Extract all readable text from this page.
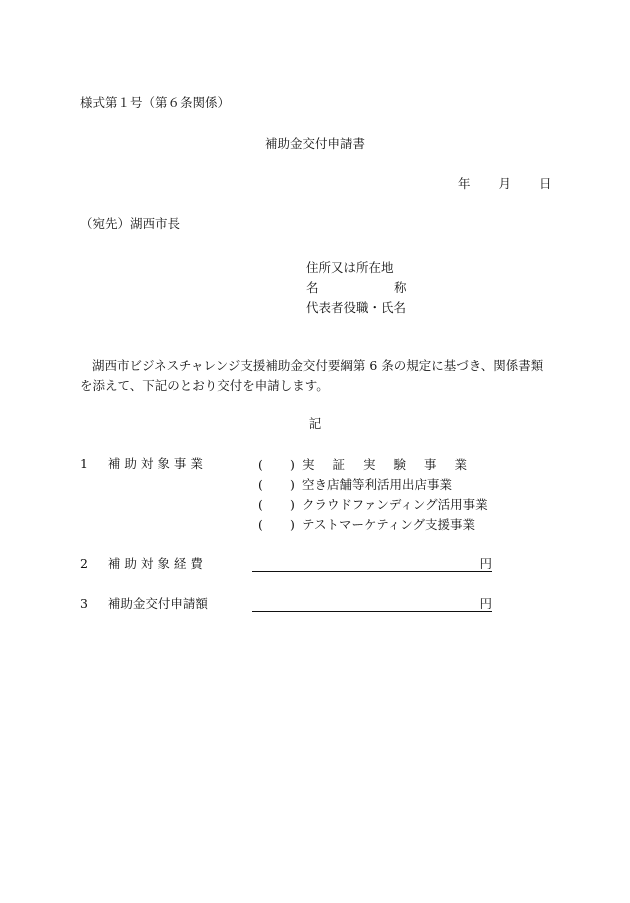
様式第１号（第６条関係）
補助金交付申請書
年 月 日
（宛先）湖西市長
住所又は所在地
名	称
代表者役職・氏名
湖西市ビジネスチャレンジ支援補助金交付要綱第 6 条の規定に基づき、関係書類を添えて、下記のとおり交付を申請します。
記
1 補助対象事業	( ) 実証実験事業
( ) 空き店舗等利活用出店事業
( ) クラウドファンディング活用事業
( ) テストマーケティング支援事業
2 補助対象経費	円
3 補助金交付申請額	円
